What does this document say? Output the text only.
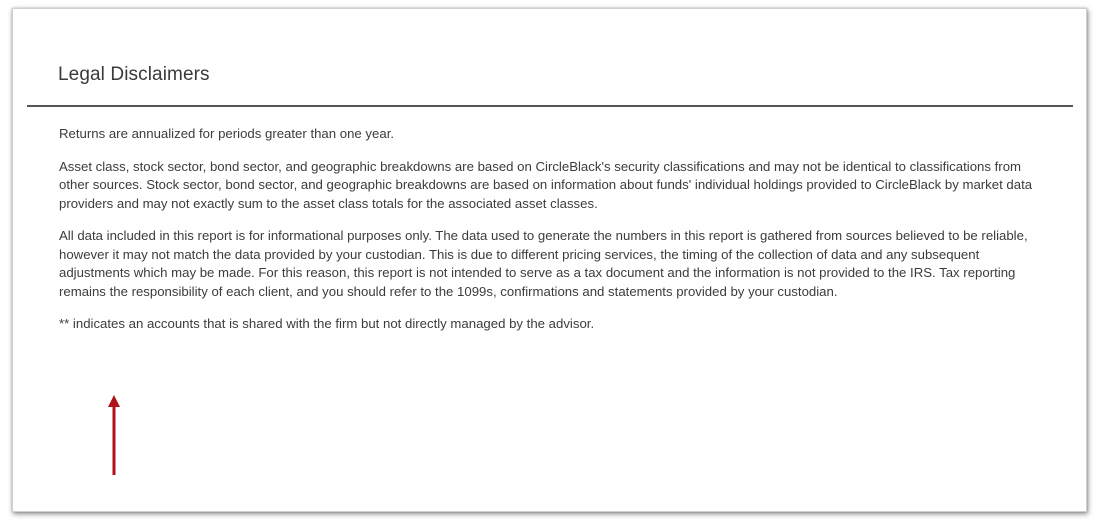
Legal Disclaimers

Returns are annualized for periods greater than one year.

Asset class, stock sector, bond sector, and geographic breakdowns are based on CircleBlack's security classifications and may not be identical to classifications from other sources. Stock sector, bond sector, and geographic breakdowns are based on information about funds' individual holdings provided to CircleBlack by market data providers and may not exactly sum to the asset class totals for the associated asset classes.

All data included in this report is for informational purposes only. The data used to generate the numbers in this report is gathered from sources believed to be reliable, however it may not match the data provided by your custodian. This is due to different pricing services, the timing of the collection of data and any subsequent adjustments which may be made. For this reason, this report is not intended to serve as a tax document and the information is not provided to the IRS. Tax reporting remains the responsibility of each client, and you should refer to the 1099s, confirmations and statements provided by your custodian.

** indicates an accounts that is shared with the firm but not directly managed by the advisor.
